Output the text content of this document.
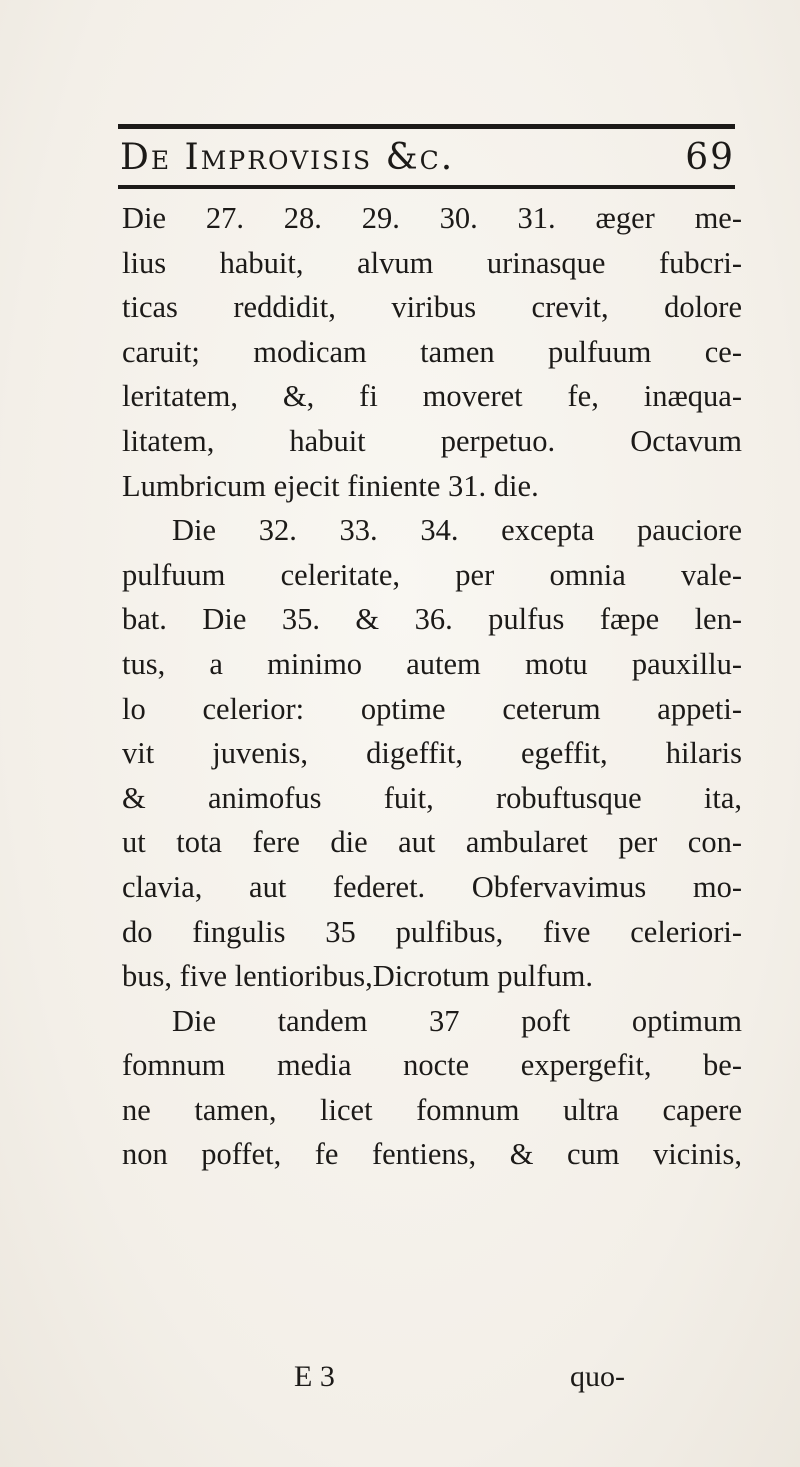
De Improvisis &c.	69
Die 27. 28. 29. 30. 31. æger me-
lius habuit, alvum urinasque fubcri-
ticas reddidit, viribus crevit, dolore
caruit; modicam tamen pulfuum ce-
leritatem, &, fi moveret fe, inæqua-
litatem, habuit perpetuo. Octavum
Lumbricum ejecit finiente 31. die.
Die 32. 33. 34. excepta pauciore
pulfuum celeritate, per omnia vale-
bat. Die 35. & 36. pulfus fæpe len-
tus, a minimo autem motu pauxillu-
lo celerior: optime ceterum appeti-
vit juvenis, digeffit, egeffit, hilaris
& animofus fuit, robuftusque ita,
ut tota fere die aut ambularet per con-
clavia, aut federet. Obfervavimus mo-
do fingulis 35 pulfibus, five celeriori-
bus, five lentioribus,Dicrotum pulfum.
Die tandem 37 poft optimum
fomnum media nocte expergefit, be-
ne tamen, licet fomnum ultra capere
non poffet, fe fentiens, & cum vicinis,
E 3	quo-
